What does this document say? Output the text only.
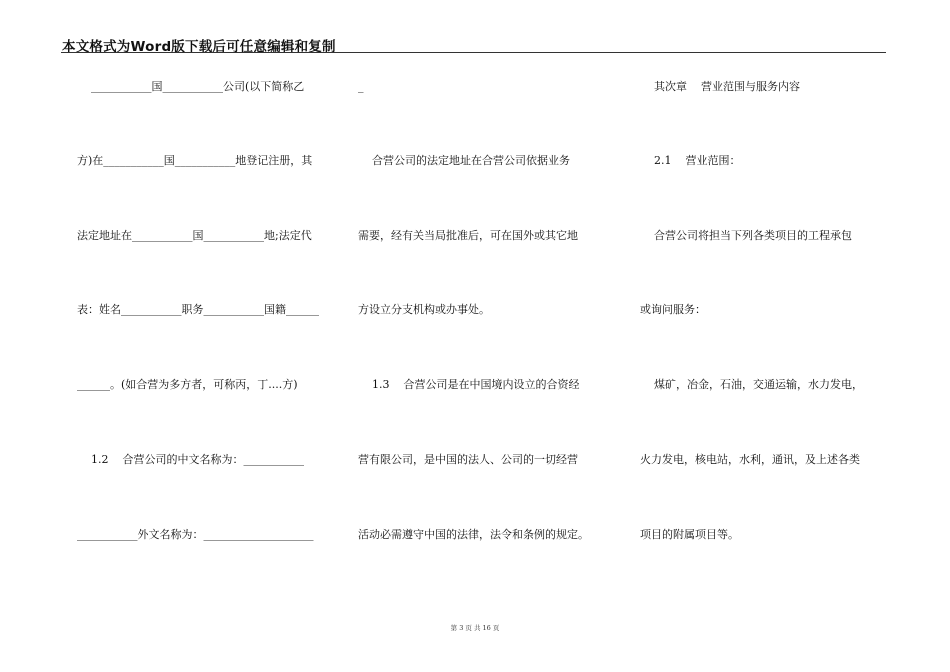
本文格式为Word版下载后可任意编辑和复制
___________国___________公司(以下简称乙
方)在___________国___________地登记注册，其
法定地址在___________国___________地;法定代
表：姓名___________职务___________国籍______
______。(如合营为多方者，可称丙，丁....方)
1.2    合营公司的中文名称为：___________
___________外文名称为：____________________
_
合营公司的法定地址在合营公司依据业务
需要，经有关当局批准后，可在国外或其它地
方设立分支机构或办事处。
1.3    合营公司是在中国境内设立的合资经
营有限公司，是中国的法人、公司的一切经营
活动必需遵守中国的法律，法令和条例的规定。
其次章    营业范围与服务内容
2.1    营业范围：
合营公司将担当下列各类项目的工程承包
或询问服务：
煤矿，冶金，石油，交通运输，水力发电，
火力发电，核电站，水利，通讯，及上述各类
项目的附属项目等。
第 3 页 共 16 页
